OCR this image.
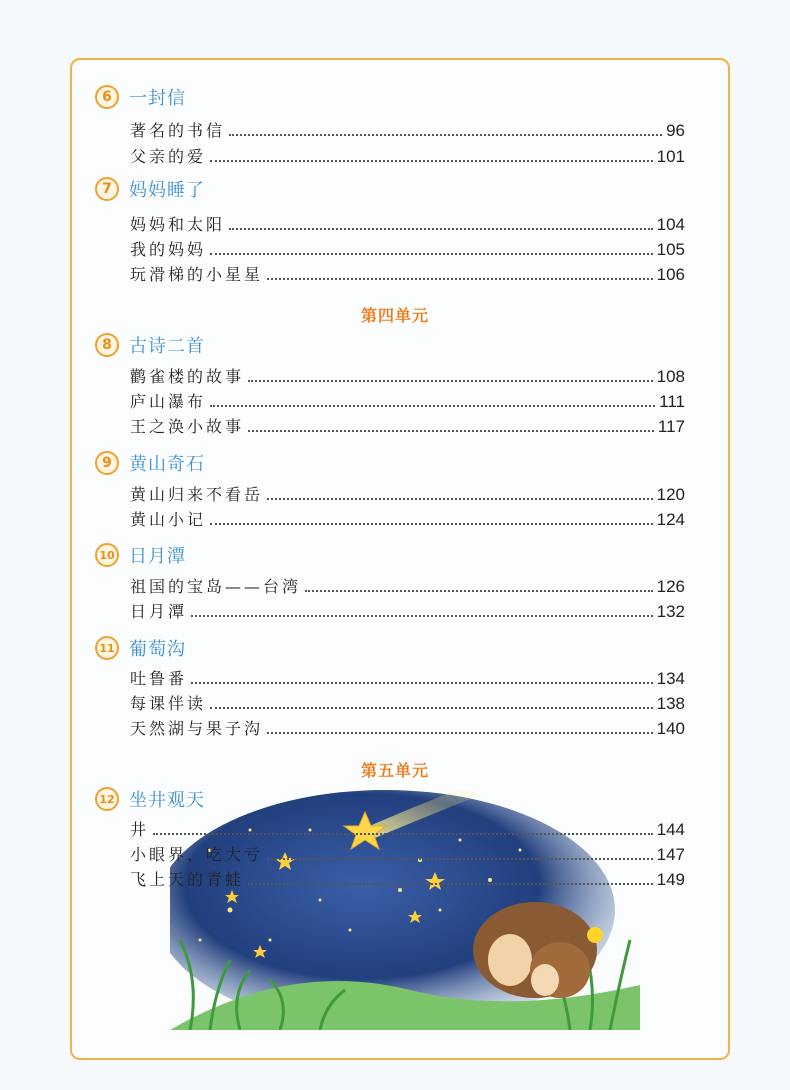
6 一封信
著名的书信	96
父亲的爱	101
7 妈妈睡了
妈妈和太阳	104
我的妈妈	105
玩滑梯的小星星	106
第四单元
8 古诗二首
鹳雀楼的故事	108
庐山瀑布	111
王之涣小故事	117
9 黄山奇石
黄山归来不看岳	120
黄山小记	124
10 日月潭
祖国的宝岛——台湾	126
日月潭	132
11 葡萄沟
吐鲁番	134
每课伴读	138
天然湖与果子沟	140
第五单元
12 坐井观天
井	144
小眼界，吃大亏	147
飞上天的青蛙	149
